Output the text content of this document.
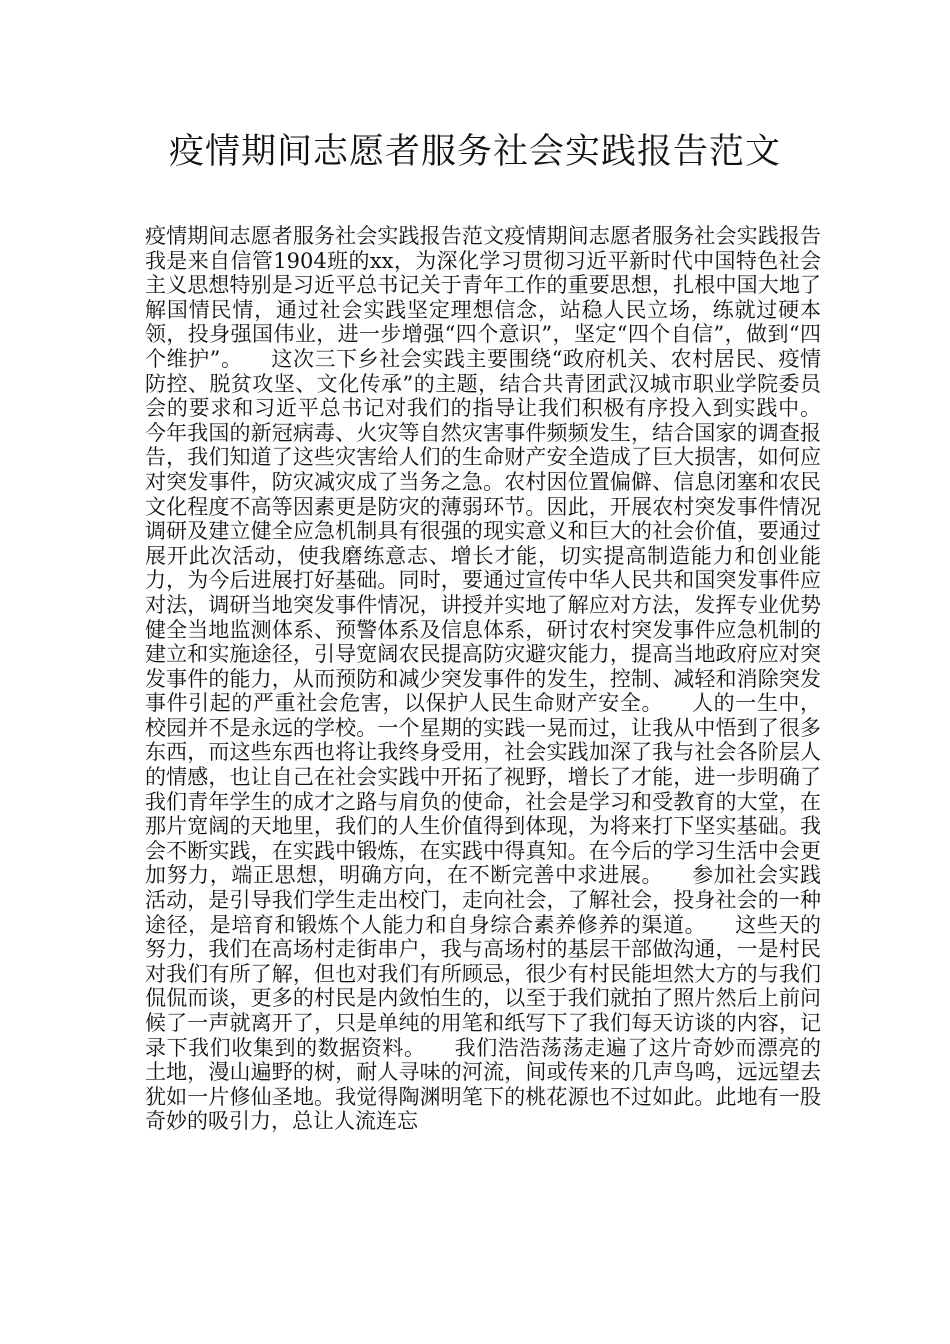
疫情期间志愿者服务社会实践报告范文

疫情期间志愿者服务社会实践报告范文疫情期间志愿者服务社会实践报告    我是来自信管1904班的xx，为深化学习贯彻习近平新时代中国特色社会主义思想特别是习近平总书记关于青年工作的重要思想，扎根中国大地了解国情民情，通过社会实践坚定理想信念，站稳人民立场，练就过硬本领，投身强国伟业，进一步增强“四个意识”，坚定“四个自信”，做到“四个维护”。    这次三下乡社会实践主要围绕“政府机关、农村居民、疫情防控、脱贫攻坚、文化传承”的主题，结合共青团武汉城市职业学院委员会的要求和习近平总书记对我们的指导让我们积极有序投入到实践中。    今年我国的新冠病毒、火灾等自然灾害事件频频发生，结合国家的调查报告，我们知道了这些灾害给人们的生命财产安全造成了巨大损害，如何应对突发事件，防灾减灾成了当务之急。农村因位置偏僻、信息闭塞和农民文化程度不高等因素更是防灾的薄弱环节。因此，开展农村突发事件情况调研及建立健全应急机制具有很强的现实意义和巨大的社会价值，要通过展开此次活动，使我磨练意志、增长才能，切实提高制造能力和创业能力，为今后进展打好基础。同时，要通过宣传中华人民共和国突发事件应对法，调研当地突发事件情况，讲授并实地了解应对方法，发挥专业优势健全当地监测体系、预警体系及信息体系，研讨农村突发事件应急机制的建立和实施途径，引导宽阔农民提高防灾避灾能力，提高当地政府应对突发事件的能力，从而预防和减少突发事件的发生，控制、减轻和消除突发事件引起的严重社会危害，以保护人民生命财产安全。    人的一生中，校园并不是永远的学校。一个星期的实践一晃而过，让我从中悟到了很多东西，而这些东西也将让我终身受用，社会实践加深了我与社会各阶层人的情感，也让自己在社会实践中开拓了视野，增长了才能，进一步明确了我们青年学生的成才之路与肩负的使命，社会是学习和受教育的大堂，在那片宽阔的天地里，我们的人生价值得到体现，为将来打下坚实基础。我会不断实践，在实践中锻炼，在实践中得真知。在今后的学习生活中会更加努力，端正思想，明确方向，在不断完善中求进展。    参加社会实践活动，是引导我们学生走出校门，走向社会，了解社会，投身社会的一种途径，是培育和锻炼个人能力和自身综合素养修养的渠道。    这些天的努力，我们在高场村走街串户，我与高场村的基层干部做沟通，一是村民对我们有所了解，但也对我们有所顾忌，很少有村民能坦然大方的与我们侃侃而谈，更多的村民是内敛怕生的，以至于我们就拍了照片然后上前问候了一声就离开了，只是单纯的用笔和纸写下了我们每天访谈的内容，记录下我们收集到的数据资料。    我们浩浩荡荡走遍了这片奇妙而漂亮的土地，漫山遍野的树，耐人寻味的河流，间或传来的几声鸟鸣，远远望去犹如一片修仙圣地。我觉得陶渊明笔下的桃花源也不过如此。此地有一股奇妙的吸引力，总让人流连忘
